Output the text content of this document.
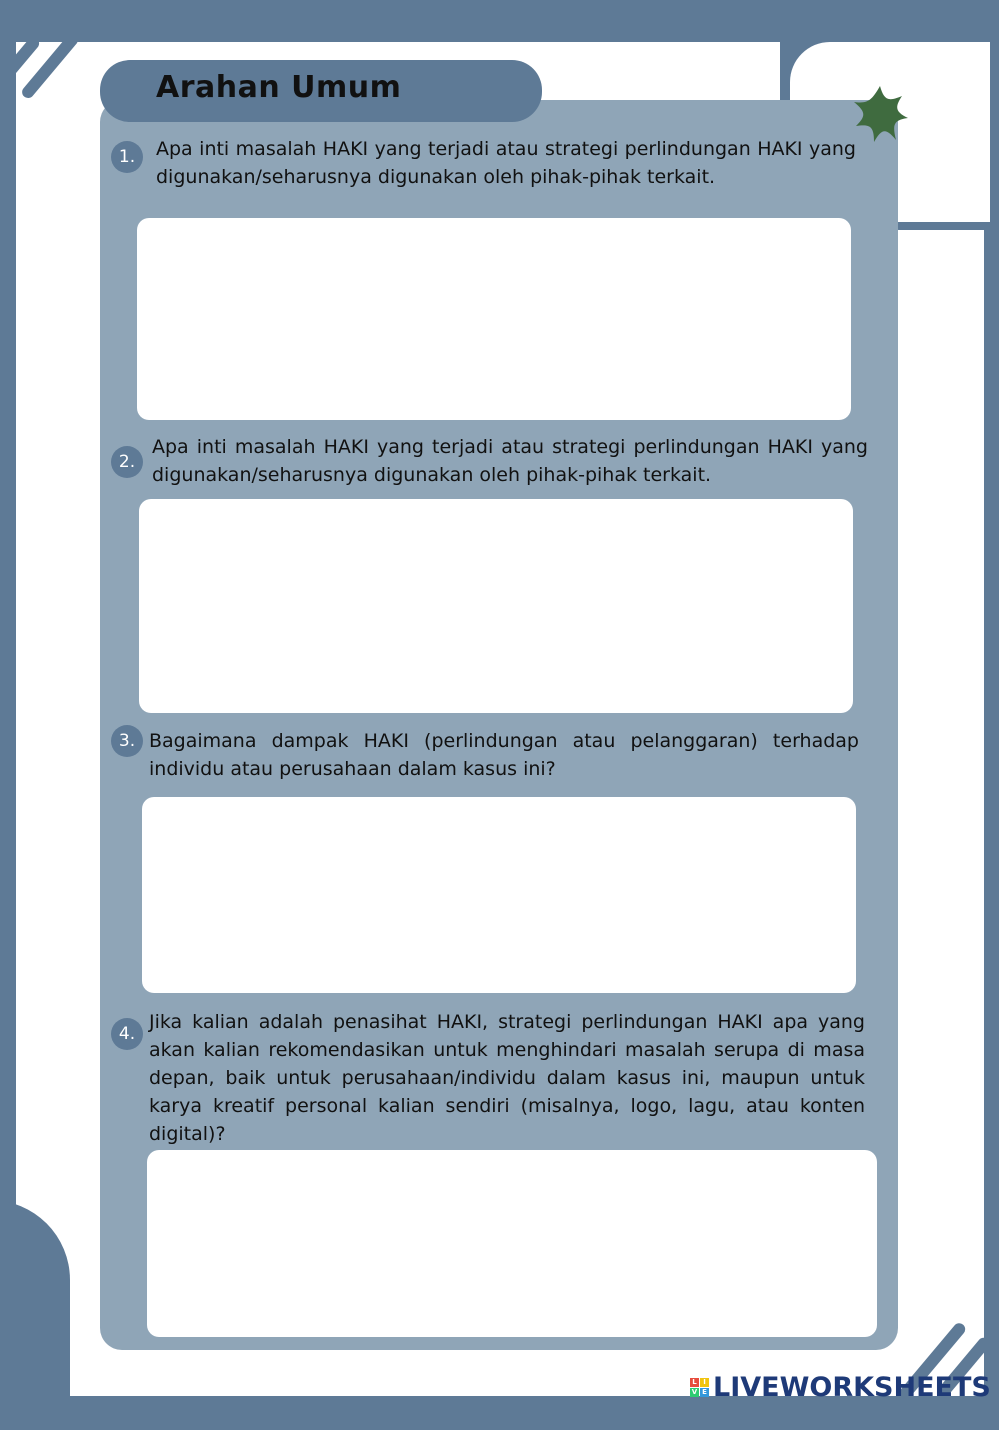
Arahan Umum
1.	Apa inti masalah HAKI yang terjadi atau strategi perlindungan HAKI yang digunakan/seharusnya digunakan oleh pihak-pihak terkait.
2.
Apa inti masalah HAKI yang terjadi atau strategi perlindungan HAKI yang digunakan/seharusnya digunakan oleh pihak-pihak terkait.
3. Bagaimana dampak HAKI (perlindungan atau pelanggaran) terhadap individu atau perusahaan dalam kasus ini?
4.
Jika kalian adalah penasihat HAKI, strategi perlindungan HAKI apa yang akan kalian rekomendasikan untuk menghindari masalah serupa di masa depan, baik untuk perusahaan/individu dalam kasus ini, maupun untuk karya kreatif personal kalian sendiri (misalnya, logo, lagu, atau konten digital)?
L I
V E LIVEWORKSHEETS
